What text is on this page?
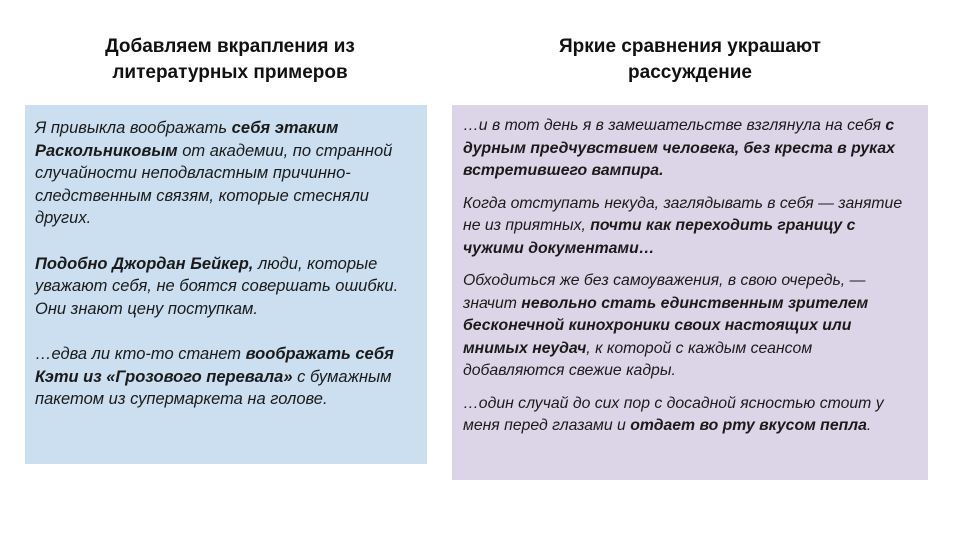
Добавляем вкрапления из
литературных примеров
Яркие сравнения украшают
рассуждение

Я привыкла воображать себя этаким Раскольниковым от академии, по странной случайности неподвластным причинно-следственным связям, которые стесняли других.

Подобно Джордан Бейкер, люди, которые уважают себя, не боятся совершать ошибки. Они знают цену поступкам.

…едва ли кто-то станет воображать себя Кэти из «Грозового перевала» с бумажным пакетом из супермаркета на голове.

…и в тот день я в замешательстве взглянула на себя с дурным предчувствием человека, без креста в руках встретившего вампира.

Когда отступать некуда, заглядывать в себя — занятие не из приятных, почти как переходить границу с чужими документами…

Обходиться же без самоуважения, в свою очередь, — значит невольно стать единственным зрителем бесконечной кинохроники своих настоящих или мнимых неудач, к которой с каждым сеансом добавляются свежие кадры.

…один случай до сих пор с досадной ясностью стоит у меня перед глазами и отдает во рту вкусом пепла.
